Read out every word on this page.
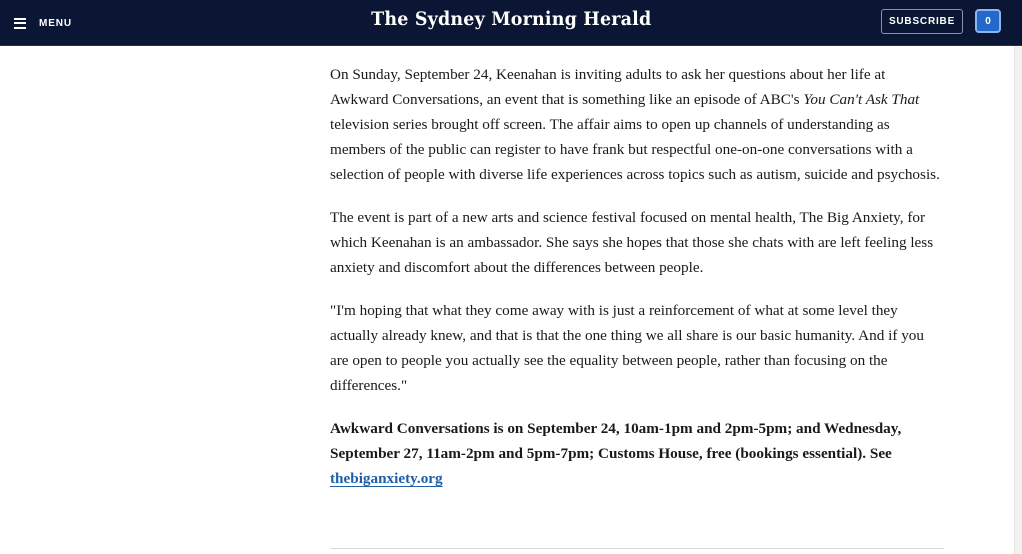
MENU	The Sydney Morning Herald	SUBSCRIBE	0

On Sunday, September 24, Keenahan is inviting adults to ask her questions about her life at Awkward Conversations, an event that is something like an episode of ABC's You Can't Ask That television series brought off screen. The affair aims to open up channels of understanding as members of the public can register to have frank but respectful one-on-one conversations with a selection of people with diverse life experiences across topics such as autism, suicide and psychosis.

The event is part of a new arts and science festival focused on mental health, The Big Anxiety, for which Keenahan is an ambassador. She says she hopes that those she chats with are left feeling less anxiety and discomfort about the differences between people.

"I'm hoping that what they come away with is just a reinforcement of what at some level they actually already knew, and that is that the one thing we all share is our basic humanity. And if you are open to people you actually see the equality between people, rather than focusing on the differences."

Awkward Conversations is on September 24, 10am-1pm and 2pm-5pm; and Wednesday, September 27, 11am-2pm and 5pm-7pm; Customs House, free (bookings essential). See thebiganxiety.org
